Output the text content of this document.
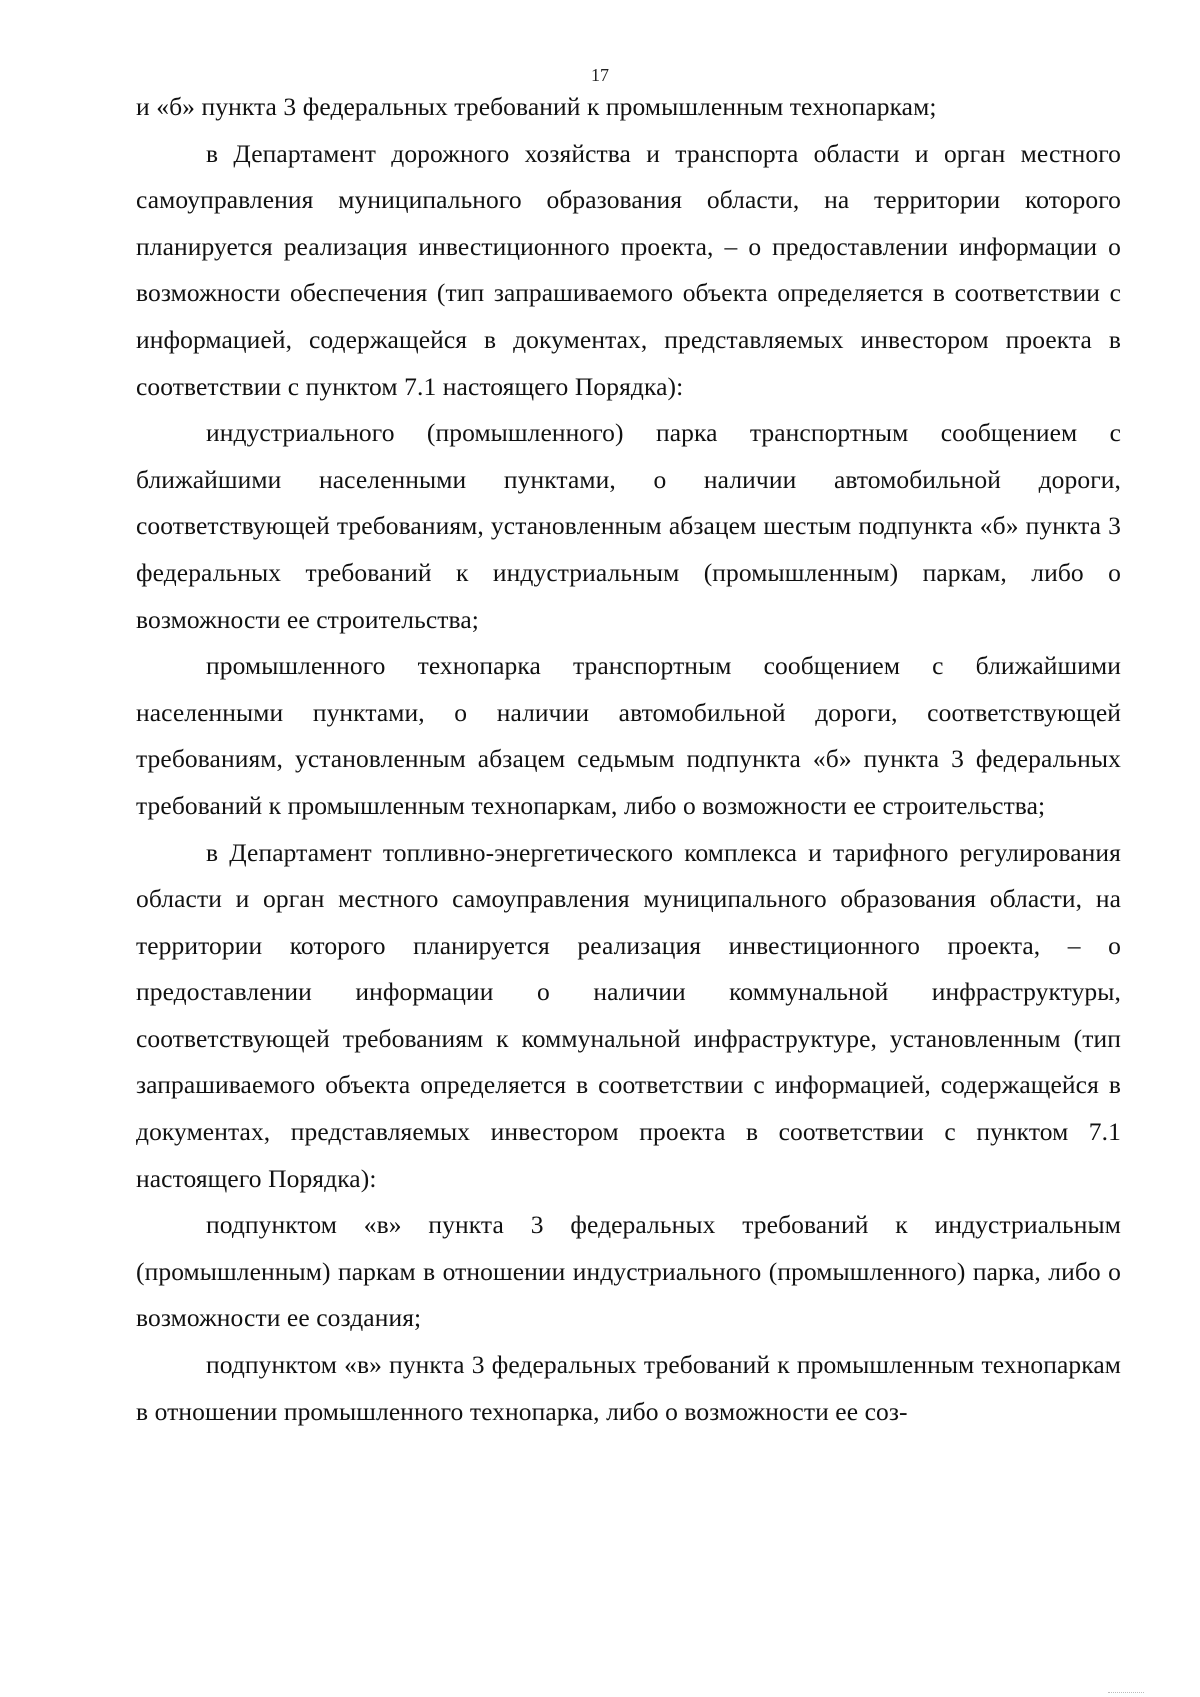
17

и «б» пункта 3 федеральных требований к промышленным технопаркам;

в Департамент дорожного хозяйства и транспорта области и орган местного самоуправления муниципального образования области, на территории которого планируется реализация инвестиционного проекта, – о предоставлении информации о возможности обеспечения (тип запрашиваемого объекта определяется в соответствии с информацией, содержащейся в документах, представляемых инвестором проекта в соответствии с пунктом 7.1 настоящего Порядка):

индустриального (промышленного) парка транспортным сообщением с ближайшими населенными пунктами, о наличии автомобильной дороги, соответствующей требованиям, установленным абзацем шестым подпункта «б» пункта 3 федеральных требований к индустриальным (промышленным) паркам, либо о возможности ее строительства;

промышленного технопарка транспортным сообщением с ближайшими населенными пунктами, о наличии автомобильной дороги, соответствующей требованиям, установленным абзацем седьмым подпункта «б» пункта 3 федеральных требований к промышленным технопаркам, либо о возможности ее строительства;

в Департамент топливно-энергетического комплекса и тарифного регулирования области и орган местного самоуправления муниципального образования области, на территории которого планируется реализация инвестиционного проекта, – о предоставлении информации о наличии коммунальной инфраструктуры, соответствующей требованиям к коммунальной инфраструктуре, установленным (тип запрашиваемого объекта определяется в соответствии с информацией, содержащейся в документах, представляемых инвестором проекта в соответствии с пунктом 7.1 настоящего Порядка):

подпунктом «в» пункта 3 федеральных требований к индустриальным (промышленным) паркам в отношении индустриального (промышленного) парка, либо о возможности ее создания;

подпунктом «в» пункта 3 федеральных требований к промышленным технопаркам в отношении промышленного технопарка, либо о возможности ее соз-
